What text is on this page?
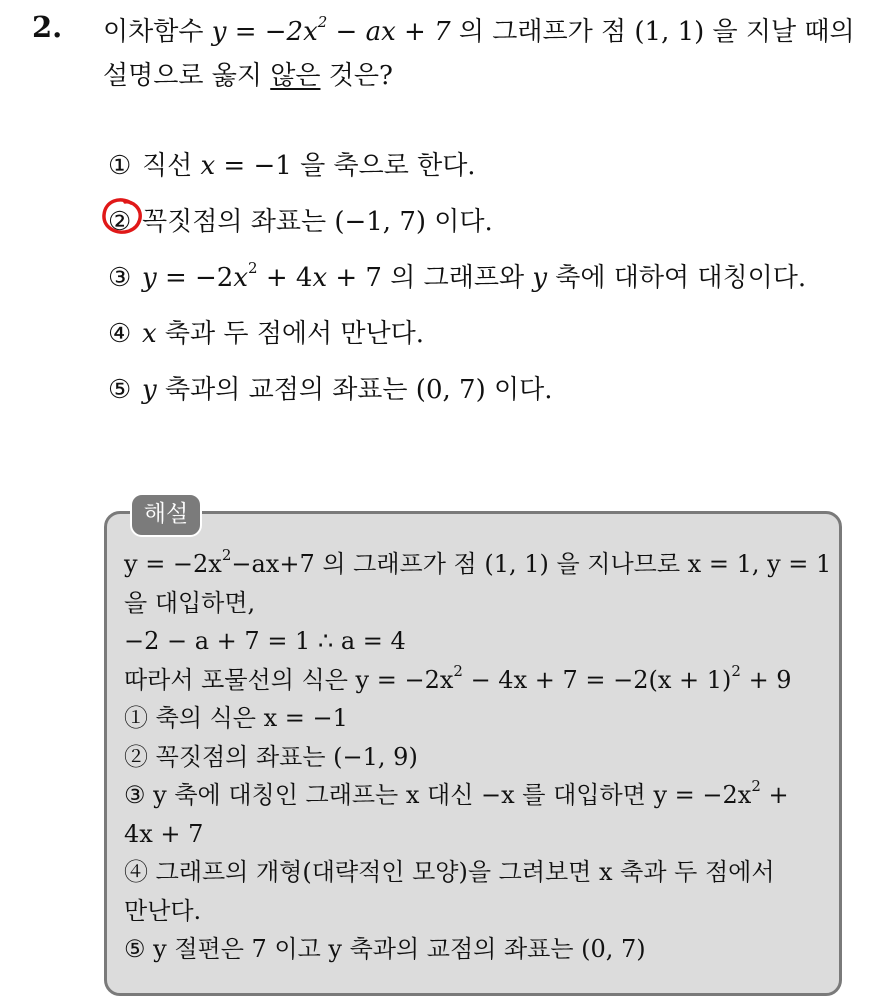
2. 이차함수 $y = -2x^2$ − ax + 7 의 그래프가 점 (1, 1) 을 지날 때의 설명으로 옳지 않은 것은?
① 직선 x = −1 을 축으로 한다.
② 꼭짓점의 좌표는 (−1, 7) 이다.
③ $y = -2x^2 + 4x + 7$ 의 그래프와 y 축에 대하여 대칭이다.
④ x 축과 두 점에서 만난다.
⑤ y 축과의 교점의 좌표는 (0, 7) 이다.
해설
$y = -2x^2-ax+7$ 의 그래프가 점 (1, 1) 을 지나므로 x = 1, y = 1
을 대입하면,
−2 − a + 7 = 1 ∴ a = 4
따라서 포물선의 식은 $y = -2x^2 - 4x + 7 = -2(x + 1)^2 + 9$
① 축의 식은 x = −1
② 꼭짓점의 좌표는 (−1, 9)
③ y 축에 대칭인 그래프는 x 대신 −x 를 대입하면 $y = -2x^2$ +
4x + 7
④ 그래프의 개형(대략적인 모양)을 그려보면 x 축과 두 점에서
만난다.
⑤ y 절편은 7 이고 y 축과의 교점의 좌표는 (0, 7)
